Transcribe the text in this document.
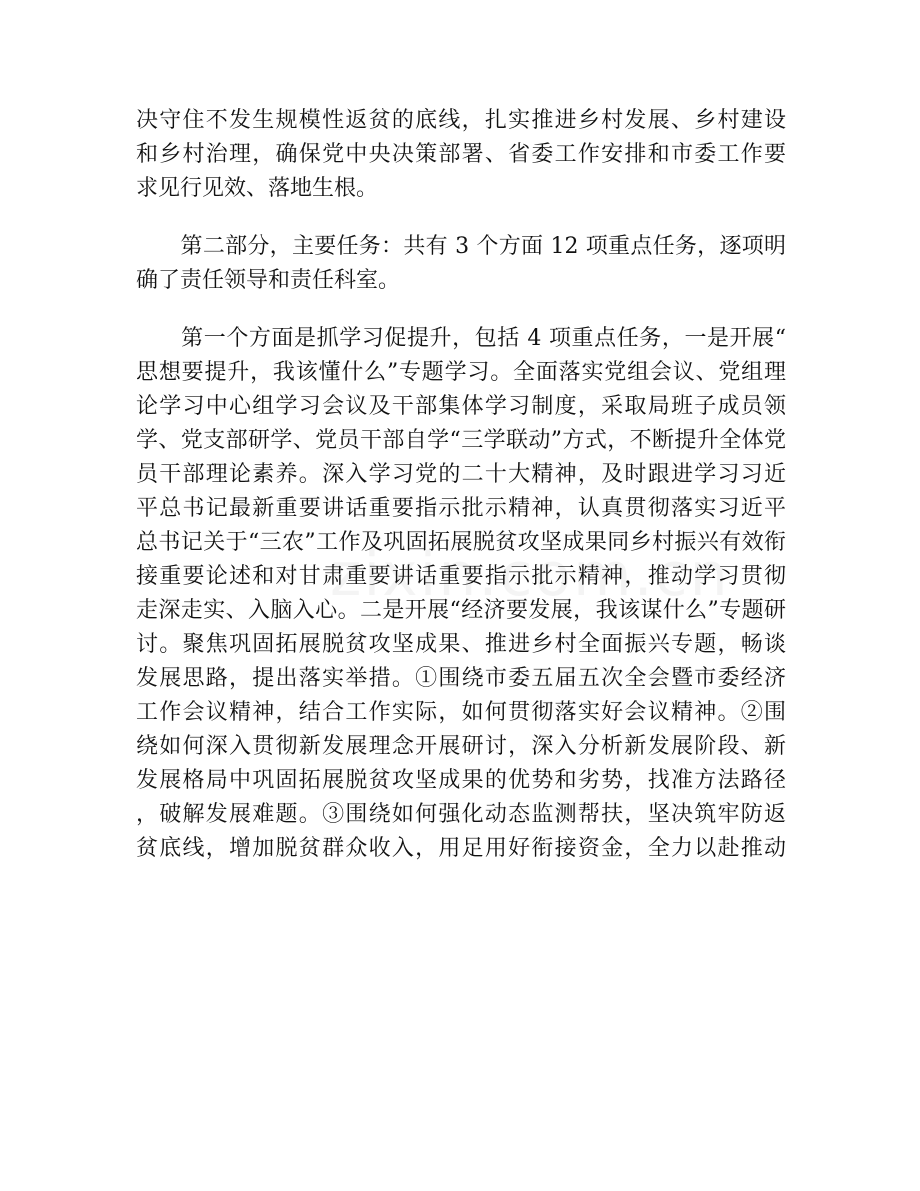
决守住不发生规模性返贫的底线，扎实推进乡村发展、乡村建设
和乡村治理，确保党中央决策部署、省委工作安排和市委工作要
求见行见效、落地生根。
　　第二部分，主要任务：共有 3 个方面 12 项重点任务，逐项明
确了责任领导和责任科室。
　　第一个方面是抓学习促提升，包括 4 项重点任务，一是开展“
思想要提升，我该懂什么”专题学习。全面落实党组会议、党组理
论学习中心组学习会议及干部集体学习制度，采取局班子成员领
学、党支部研学、党员干部自学“三学联动”方式，不断提升全体党
员干部理论素养。深入学习党的二十大精神，及时跟进学习习近
平总书记最新重要讲话重要指示批示精神，认真贯彻落实习近平
总书记关于“三农”工作及巩固拓展脱贫攻坚成果同乡村振兴有效衔
接重要论述和对甘肃重要讲话重要指示批示精神，推动学习贯彻
走深走实、入脑入心。二是开展“经济要发展，我该谋什么”专题研
讨。聚焦巩固拓展脱贫攻坚成果、推进乡村全面振兴专题，畅谈
发展思路，提出落实举措。①围绕市委五届五次全会暨市委经济
工作会议精神，结合工作实际，如何贯彻落实好会议精神。②围
绕如何深入贯彻新发展理念开展研讨，深入分析新发展阶段、新
发展格局中巩固拓展脱贫攻坚成果的优势和劣势，找准方法路径
，破解发展难题。③围绕如何强化动态监测帮扶，坚决筑牢防返
贫底线，增加脱贫群众收入，用足用好衔接资金，全力以赴推动
